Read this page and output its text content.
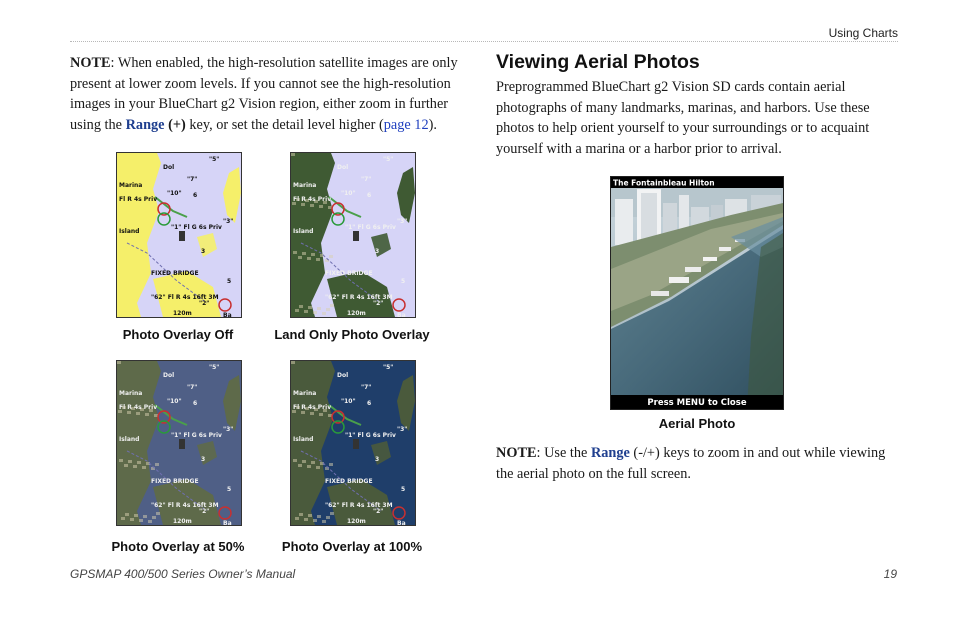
Using Charts

NOTE: When enabled, the high-resolution satellite images are only present at lower zoom levels. If you cannot see the high-resolution images in your BlueChart g2 Vision region, either zoom in further using the Range (+) key, or set the detail level higher (page 12).

Dol
"5"
"7"
Marina
"10" 6
Fl R 4s Priv
"1" Fl G 6s Priv
"3"
Island
FIXED BRIDGE
3
5
"62" Fl R 4s 16ft 3M
"2"
120m	Ba
Dol
"5"
"7"
Marina
"10" 6
Fl R 4s Priv
"1" Fl G 6s Priv
"3"
Island
FIXED BRIDGE
3
5
"62" Fl R 4s 16ft 3M
"2"
120m	Ba
Dol
"5"
"7"
Marina
"10" 6
Fl R 4s Priv
"1" Fl G 6s Priv
"3"
Island
FIXED BRIDGE
3
5
"62" Fl R 4s 16ft 3M
"2"
120m	Ba
Dol
"5"
"7"
Marina
"10" 6
Fl R 4s Priv
"1" Fl G 6s Priv
"3"
Island
FIXED BRIDGE
3
5
"62" Fl R 4s 16ft 3M
"2"
120m	Ba
Photo Overlay Off	Land Only Photo Overlay
Photo Overlay at 50%	Photo Overlay at 100%
Viewing Aerial Photos

Preprogrammed BlueChart g2 Vision SD cards contain aerial photographs of many landmarks, marinas, and harbors. Use these photos to help orient yourself to your surroundings or to acquaint yourself with a marina or a harbor prior to arrival.

The Fontainbleau Hilton
Press MENU to Close
Aerial Photo

NOTE: Use the Range (-/+) keys to zoom in and out while viewing the aerial photo on the full screen.

GPSMAP 400/500 Series Owner’s Manual	19
